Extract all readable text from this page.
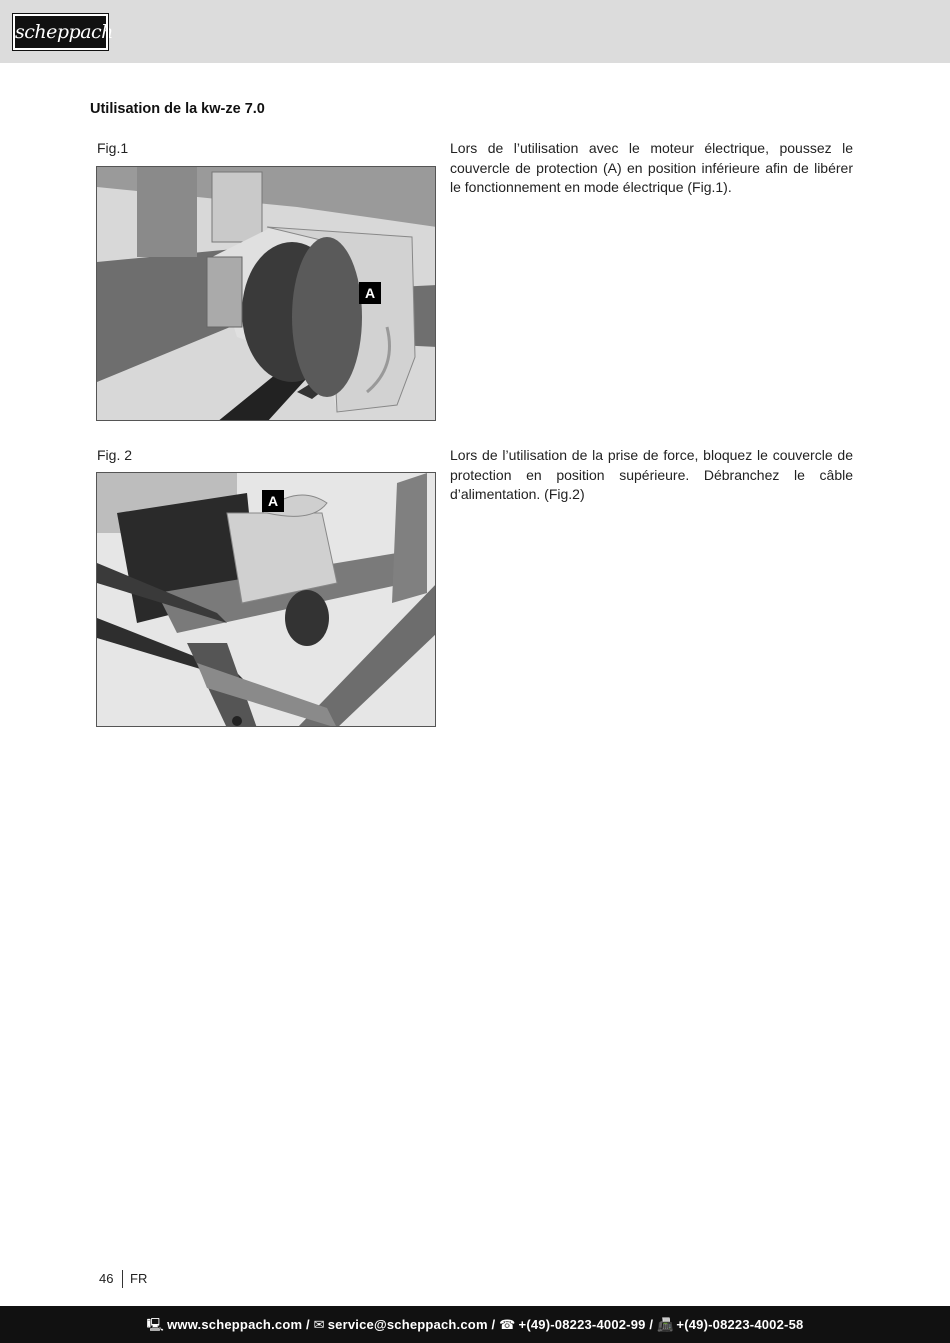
scheppach
Utilisation de la kw-ze 7.0
Fig.1
A

Lors de l’utilisation avec le moteur électrique, poussez le couvercle de protection (A) en position inférieure afin de libérer le fonctionnement en mode électrique (Fig.1).

Fig. 2
A

Lors de l’utilisation de la prise de force, bloquez le couvercle de protection en position supérieure. Débranchez le câble d’alimentation. (Fig.2)

46 FR
🖳 www.scheppach.com / ✉ service@scheppach.com / ☎ +(49)-08223-4002-99 / 📠 +(49)-08223-4002-58
